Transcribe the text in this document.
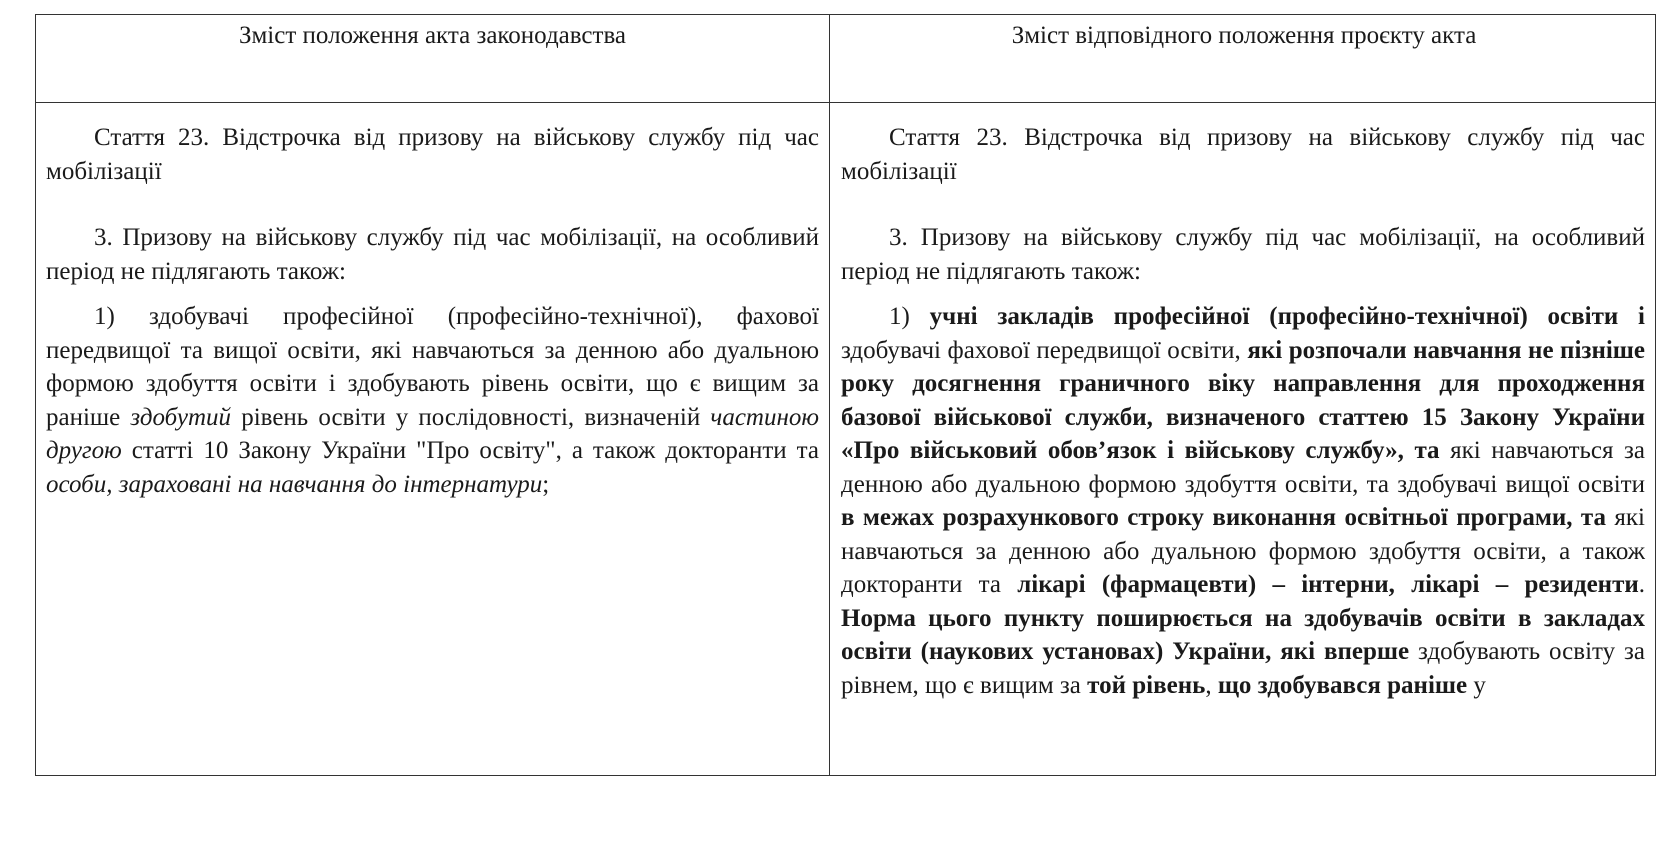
Зміст положення акта законодавства	Зміст відповідного положення проєкту акта

Стаття 23. Відстрочка від призову на військову службу під час мобілізації

3. Призову на військову службу під час мобілізації, на особливий період не підлягають також:

1) здобувачі професійної (професійно-технічної), фахової передвищої та вищої освіти, які навчаються за денною або дуальною формою здобуття освіти і здобувають рівень освіти, що є вищим за раніше здобутий рівень освіти у послідовності, визначеній частиною другою статті 10 Закону України "Про освіту", а також докторанти та особи, зараховані на навчання до інтернатури;

Стаття 23. Відстрочка від призову на військову службу під час мобілізації

3. Призову на військову службу під час мобілізації, на особливий період не підлягають також:

1) учні закладів професійної (професійно-технічної) освіти і здобувачі фахової передвищої освіти, які розпочали навчання не пізніше року досягнення граничного віку направлення для проходження базової військової служби, визначеного статтею 15 Закону України «Про військовий обов’язок і військову службу», та які навчаються за денною або дуальною формою здобуття освіти, та здобувачі вищої освіти в межах розрахункового строку виконання освітньої програми, та які навчаються за денною або дуальною формою здобуття освіти, а також докторанти та лікарі (фармацевти) – інтерни, лікарі – резиденти. Норма цього пункту поширюється на здобувачів освіти в закладах освіти (наукових установах) України, які вперше здобувають освіту за рівнем, що є вищим за той рівень, що здобувався раніше у
